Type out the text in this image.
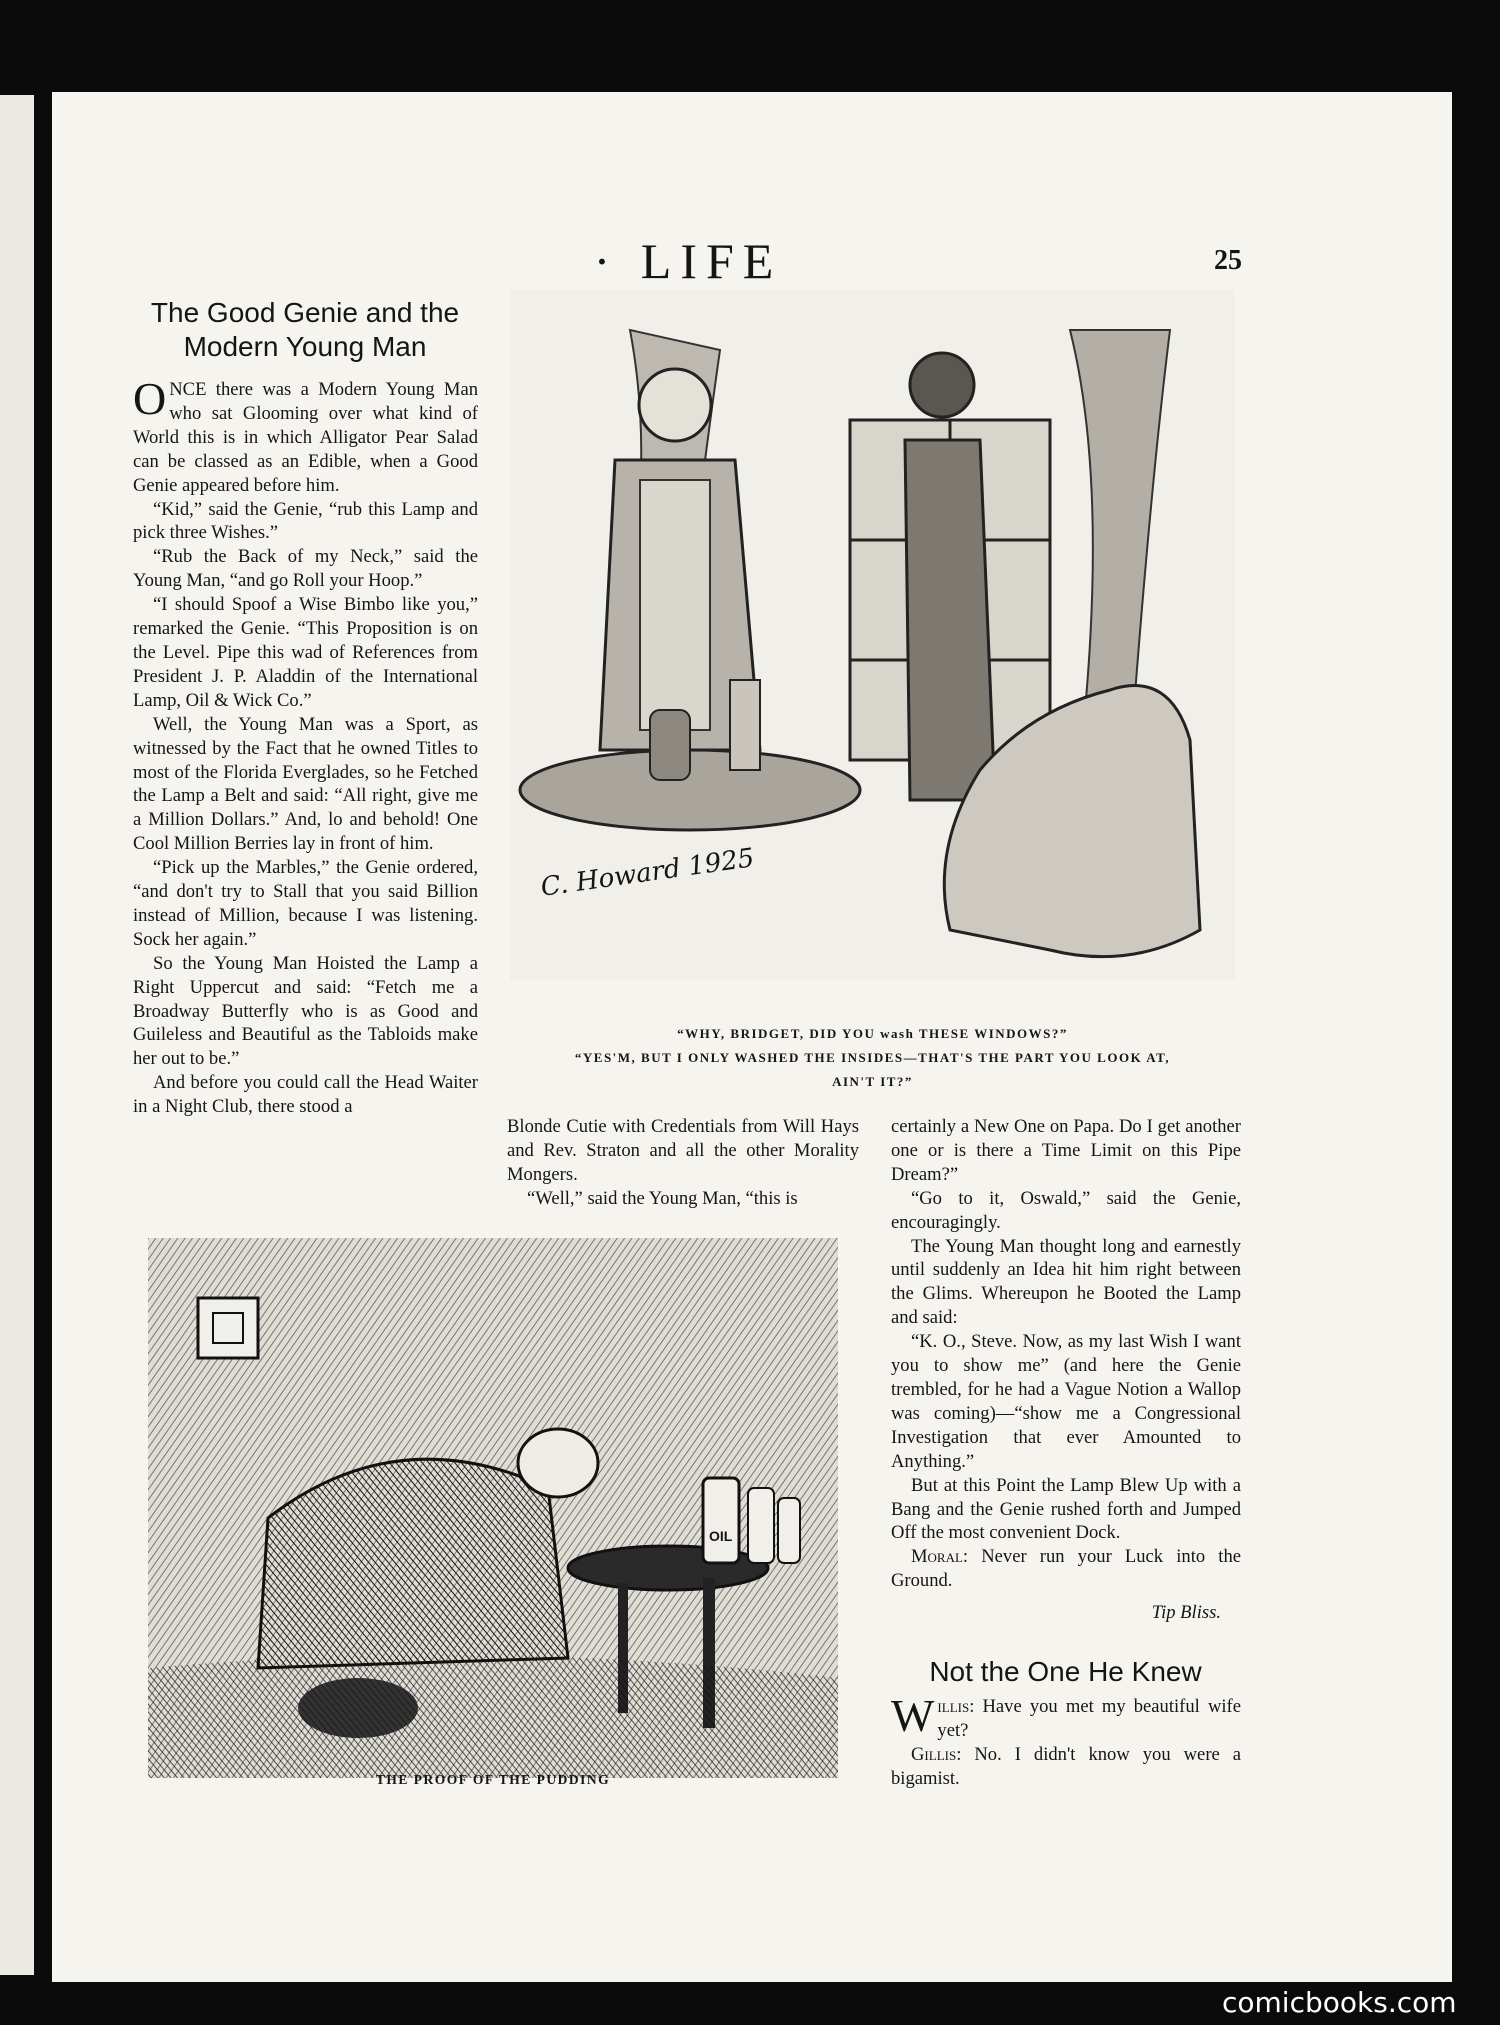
· LIFE	25
The Good Genie and the
Modern Young Man

ONCE there was a Modern Young Man who sat Glooming over what kind of World this is in which Alligator Pear Salad can be classed as an Edible, when a Good Genie appeared before him.

“Kid,” said the Genie, “rub this Lamp and pick three Wishes.”

“Rub the Back of my Neck,” said the Young Man, “and go Roll your Hoop.”

“I should Spoof a Wise Bimbo like you,” remarked the Genie. “This Proposition is on the Level. Pipe this wad of References from President J. P. Aladdin of the International Lamp, Oil & Wick Co.”

Well, the Young Man was a Sport, as witnessed by the Fact that he owned Titles to most of the Florida Everglades, so he Fetched the Lamp a Belt and said: “All right, give me a Million Dollars.” And, lo and behold! One Cool Million Berries lay in front of him.

“Pick up the Marbles,” the Genie ordered, “and don't try to Stall that you said Billion instead of Million, because I was listening. Sock her again.”

So the Young Man Hoisted the Lamp a Right Uppercut and said: “Fetch me a Broadway Butterfly who is as Good and Guileless and Beautiful as the Tabloids make her out to be.”

And before you could call the Head Waiter in a Night Club, there stood a

C. Howard 1925
“WHY, BRIDGET, DID YOU wash THESE WINDOWS?”
“YES'M, BUT I ONLY WASHED THE INSIDES—THAT'S THE PART YOU LOOK AT,
AIN'T IT?”

Blonde Cutie with Credentials from Will Hays and Rev. Straton and all the other Morality Mongers.

“Well,” said the Young Man, “this is

certainly a New One on Papa. Do I get another one or is there a Time Limit on this Pipe Dream?”

“Go to it, Oswald,” said the Genie, encouragingly.

The Young Man thought long and earnestly until suddenly an Idea hit him right between the Glims. Whereupon he Booted the Lamp and said:

“K. O., Steve. Now, as my last Wish I want you to show me” (and here the Genie trembled, for he had a Vague Notion a Wallop was coming)—“show me a Congressional Investigation that ever Amounted to Anything.”

But at this Point the Lamp Blew Up with a Bang and the Genie rushed forth and Jumped Off the most convenient Dock.

Moral: Never run your Luck into the Ground.

Tip Bliss.

OIL
THE PROOF OF THE PUDDING
Not the One He Knew

Willis: Have you met my beautiful wife yet?

Gillis: No. I didn't know you were a bigamist.

comicbooks.com
